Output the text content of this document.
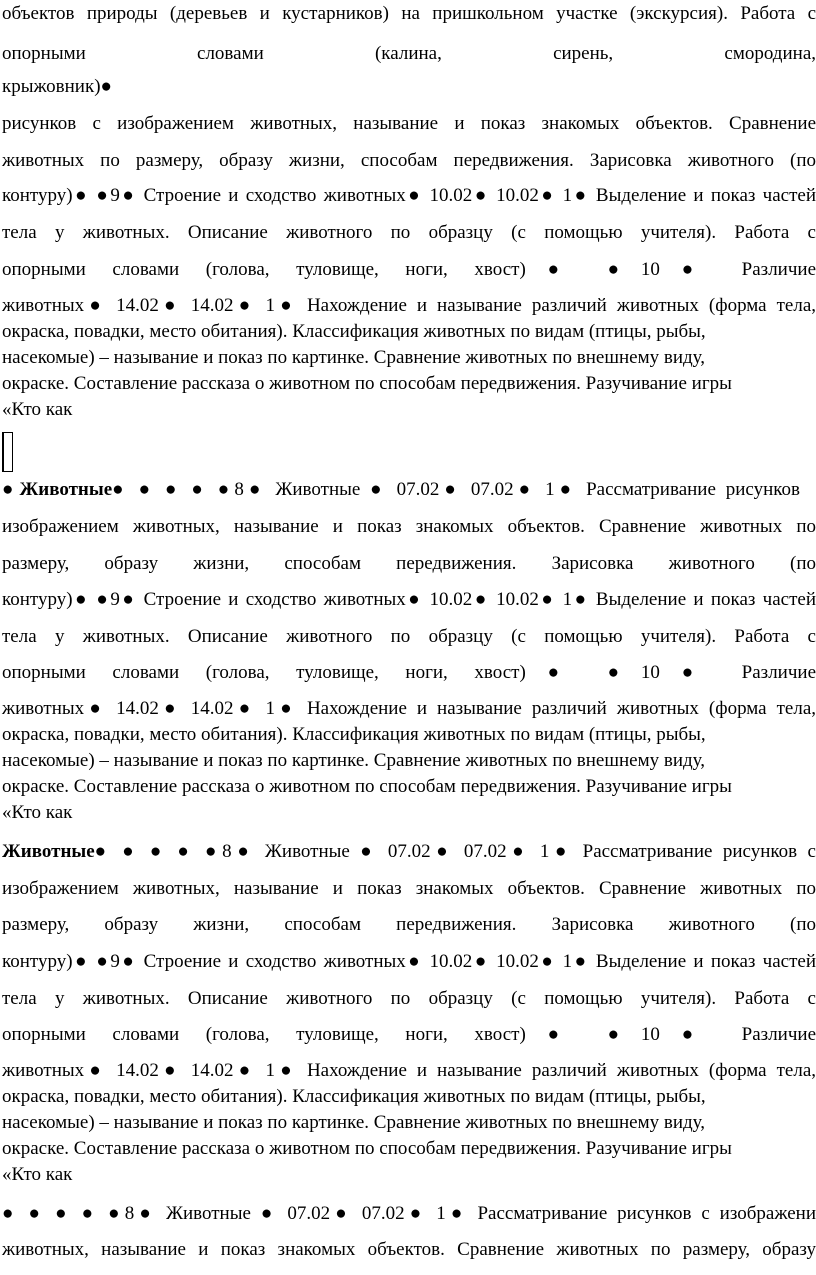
объектов природы (деревьев и кустарников) на пришкольном участке (экскурсия). Работа с
опорными словами (калина, сирень, смородина,
крыжовник)●
рисунков с изображением животных, называние и показ знакомых объектов. Сравнение
животных по размеру, образу жизни, способам передвижения. Зарисовка животного (по
контуру)● ●9● Строение и сходство животных● 10.02● 10.02● 1● Выделение и показ частей
тела у животных. Описание животного по образцу (с помощью учителя). Работа с
опорными словами (голова, туловище, ноги, хвост)● ●10● Различие
животных● 14.02● 14.02● 1● Нахождение и называние различий животных (форма тела,
окраска, повадки, место обитания). Классификация животных по видам (птицы, рыбы,
насекомые) – называние и показ по картинке. Сравнение животных по внешнему виду,
окраске. Составление рассказа о животном по способам передвижения. Разучивание игры
«Кто как
● Животные ● ● ● ● ●8● Животные ● 07.02● 07.02● 1● Рассматривание рисунков
изображением животных, называние и показ знакомых объектов. Сравнение животных по
размеру, образу жизни, способам передвижения. Зарисовка животного (по
контуру)● ●9● Строение и сходство животных● 10.02● 10.02● 1● Выделение и показ частей
тела у животных. Описание животного по образцу (с помощью учителя). Работа с
опорными словами (голова, туловище, ноги, хвост)● ●10● Различие
животных● 14.02● 14.02● 1● Нахождение и называние различий животных (форма тела,
окраска, повадки, место обитания). Классификация животных по видам (птицы, рыбы,
насекомые) – называние и показ по картинке. Сравнение животных по внешнему виду,
окраске. Составление рассказа о животном по способам передвижения. Разучивание игры
«Кто как
Животные ● ● ● ● ●8● Животные ● 07.02● 07.02● 1● Рассматривание рисунков с
изображением животных, называние и показ знакомых объектов. Сравнение животных по
размеру, образу жизни, способам передвижения. Зарисовка животного (по
контуру)● ●9● Строение и сходство животных● 10.02● 10.02● 1● Выделение и показ частей
тела у животных. Описание животного по образцу (с помощью учителя). Работа с
опорными словами (голова, туловище, ноги, хвост)● ●10● Различие
животных● 14.02● 14.02● 1● Нахождение и называние различий животных (форма тела,
окраска, повадки, место обитания). Классификация животных по видам (птицы, рыбы,
насекомые) – называние и показ по картинке. Сравнение животных по внешнему виду,
окраске. Составление рассказа о животном по способам передвижения. Разучивание игры
«Кто как
● ● ● ● ●8● Животные ● 07.02● 07.02● 1● Рассматривание рисунков с изображени
животных, называние и показ знакомых объектов. Сравнение животных по размеру, образу
